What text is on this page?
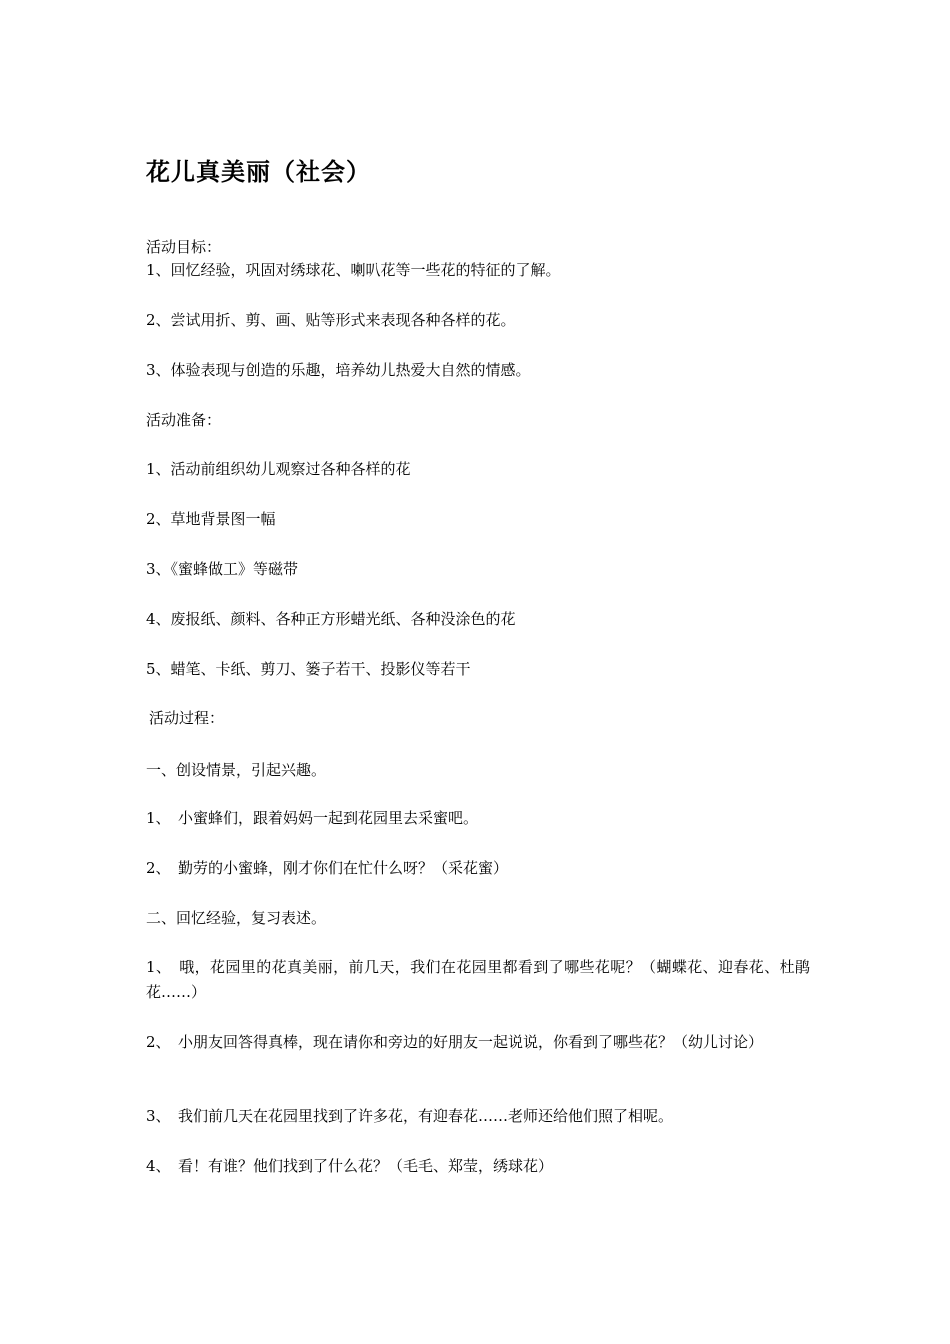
花儿真美丽（社会）
活动目标：
1、回忆经验，巩固对绣球花、喇叭花等一些花的特征的了解。
2、尝试用折、剪、画、贴等形式来表现各种各样的花。
3、体验表现与创造的乐趣，培养幼儿热爱大自然的情感。
活动准备：
1、活动前组织幼儿观察过各种各样的花
2、草地背景图一幅
3、《蜜蜂做工》等磁带
4、废报纸、颜料、各种正方形蜡光纸、各种没涂色的花
5、蜡笔、卡纸、剪刀、篓子若干、投影仪等若干
活动过程：
一、创设情景，引起兴趣。
1、　小蜜蜂们，跟着妈妈一起到花园里去采蜜吧。
2、　勤劳的小蜜蜂，刚才你们在忙什么呀？（采花蜜）
二、回忆经验，复习表述。
1、　哦，花园里的花真美丽，前几天，我们在花园里都看到了哪些花呢？（蝴蝶花、迎春花、杜鹃花……）
2、　小朋友回答得真棒，现在请你和旁边的好朋友一起说说，你看到了哪些花？（幼儿讨论）
3、　我们前几天在花园里找到了许多花，有迎春花……老师还给他们照了相呢。
4、　看！有谁？他们找到了什么花？（毛毛、郑莹，绣球花）
